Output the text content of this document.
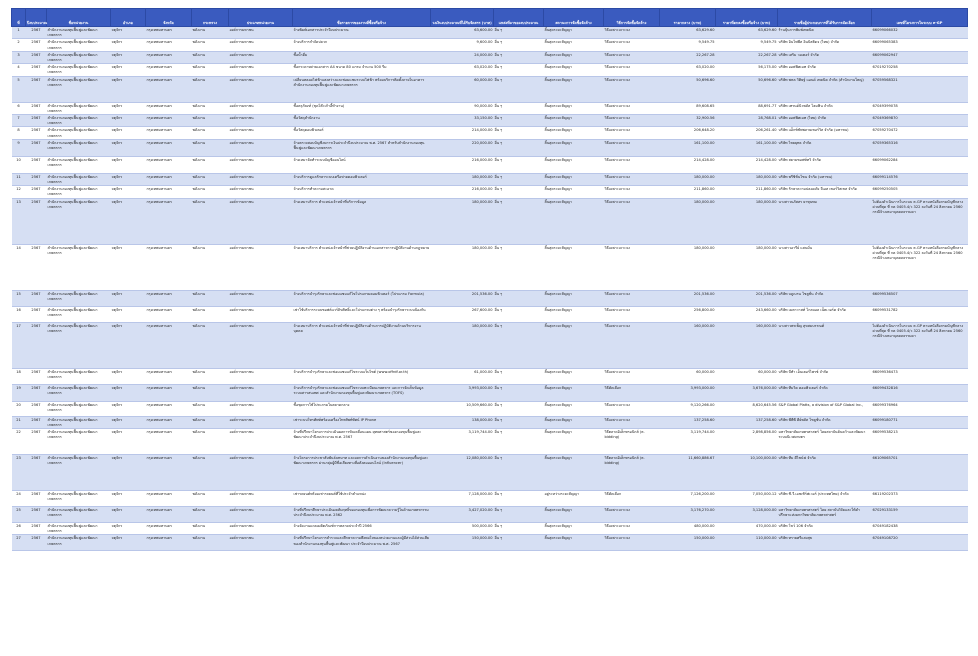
ที่	ปีงบประมาณ	ชื่อหน่วยงาน	อำเภอ	จังหวัด	กระทรวง	ประเภทหน่วยงาน	ชื่อรายการของงานที่ซื้อหรือจ้าง	วงเงินงบประมาณที่ได้รับจัดสรร (บาท)	แหล่งที่มาของงบประมาณ	สถานะการจัดซื้อจัดจ้าง	วิธีการจัดซื้อจัดจ้าง	ราคากลาง (บาท)	ราคาที่ตกลงซื้อหรือจ้าง (บาท)	รายชื่อผู้ประกอบการที่ได้รับการคัดเลือก	เลขที่โครงการในระบบ e-GP
1	2567	สำนักงานกองทุนฟื้นฟูและพัฒนาเกษตรกร	จตุจักร	กรุงเทพมหานคร	พลังงาน	องค์การมหาชน	จ้างพิมพ์เอกสารประจำปีงบประมาณ	63,600.00	อื่น ๆ	สิ้นสุดระยะสัญญา	วิธีเฉพาะเจาะจง	63,629.60	63,629.60	ร้านปุ้นการพิมพ์เทคนิค	66099066032
2	2567	สำนักงานกองทุนฟื้นฟูและพัฒนาเกษตรกร	จตุจักร	กรุงเทพมหานคร	พลังงาน	องค์การมหาชน	จ้างบริการกำจัดปลวก	9,600.00	อื่น ๆ	สิ้นสุดระยะสัญญา	วิธีเฉพาะเจาะจง	9,549.75	9,549.75	บริษัท อินโฟพีส อินบิสติดจ (ไทย) จำกัด	66099065383
3	2567	สำนักงานกองทุนฟื้นฟูและพัฒนาเกษตรกร	จตุจักร	กรุงเทพมหานคร	พลังงาน	องค์การมหาชน	ซื้อน้ำดื่ม	24,000.00	อื่น ๆ	สิ้นสุดระยะสัญญา	วิธีเฉพาะเจาะจง	22,267.28	22,267.28	บริษัท เสริม วอเตอร์ จำกัด	66099062947
4	2567	สำนักงานกองทุนฟื้นฟูและพัฒนาเกษตรกร	จตุจักร	กรุงเทพมหานคร	พลังงาน	องค์การมหาชน	ซื้อกระดาษถ่ายเอกสาร A4 ขนาด 80 แกรม จำนวน 500 รีม	63,020.00	อื่น ๆ	สิ้นสุดระยะสัญญา	วิธีเฉพาะเจาะจง	63,020.00	56,175.00	บริษัท ออฟฟิศเมท จำกัด	67019270258
5	2567	สำนักงานกองทุนฟื้นฟูและพัฒนาเกษตรกร	จตุจักร	กรุงเทพมหานคร	พลังงาน	องค์การมหาชน	เปลี่ยนหลอดไฟฟ้าแสงสว่างและซ่อมแซมระบบไฟฟ้า พร้อมบริการติดตั้งภายในอาคารสำนักงานกองทุนฟื้นฟูและพัฒนาเกษตรกร	60,000.00	อื่น ๆ	สิ้นสุดระยะสัญญา	วิธีเฉพาะเจาะจง	50,696.60	50,696.60	บริษัท พหล วิศิษฐ์ แอนด์ เทคนิค จำกัด (สำนักงานใหญ่)	67059568321
6	2567	สำนักงานกองทุนฟื้นฟูและพัฒนาเกษตรกร	จตุจักร	กรุงเทพมหานคร	พลังงาน	องค์การมหาชน	ซื้อครุภัณฑ์ (ชุดโต๊ะเก้าอี้ทำงาน)	90,000.00	อื่น ๆ	สิ้นสุดระยะสัญญา	วิธีเฉพาะเจาะจง	89,608.65	88,691.77	บริษัท เทรนด์นิวพลัส โฮมฟิน จำกัด	67049399078
7	2567	สำนักงานกองทุนฟื้นฟูและพัฒนาเกษตรกร	จตุจักร	กรุงเทพมหานคร	พลังงาน	องค์การมหาชน	ซื้อวัสดุสำนักงาน	33,150.00	อื่น ๆ	สิ้นสุดระยะสัญญา	วิธีเฉพาะเจาะจง	32,900.56	28,768.01	บริษัท ออฟฟิศเมท (ไทย) จำกัด	67049369870
8	2567	สำนักงานกองทุนฟื้นฟูและพัฒนาเกษตรกร	จตุจักร	กรุงเทพมหานคร	พลังงาน	องค์การมหาชน	ซื้อวัสดุคอมพิวเตอร์	214,000.00	อื่น ๆ	สิ้นสุดระยะสัญญา	วิธีเฉพาะเจาะจง	206,648.20	206,261.40	บริษัท แอ็กซ์ซัพพลายเซอร์วิส จำกัด (มหาชน)	67059270472
9	2567	สำนักงานกองทุนฟื้นฟูและพัฒนาเกษตรกร	จตุจักร	กรุงเทพมหานคร	พลังงาน	องค์การมหาชน	จ้างตรวจสอบบัญชีงบการเงินประจำปีงบประมาณ พ.ศ. 2567 สำหรับสำนักงานกองทุนฟื้นฟูและพัฒนาเกษตรกร	220,000.00	อื่น ๆ	สิ้นสุดระยะสัญญา	วิธีเฉพาะเจาะจง	161,100.00	161,100.00	บริษัท ไชยยุทธ จำกัด	67059365316
10	2567	สำนักงานกองทุนฟื้นฟูและพัฒนาเกษตรกร	จตุจักร	กรุงเทพมหานคร	พลังงาน	องค์การมหาชน	จ้างเหมาจัดทำระบบบัญชีออนไลน์	216,000.00	อื่น ๆ	สิ้นสุดระยะสัญญา	วิธีเฉพาะเจาะจง	214,428.00	214,428.00	บริษัท สยามซอฟท์ทวิ จำกัด	66099062284
11	2567	สำนักงานกองทุนฟื้นฟูและพัฒนาเกษตรกร	จตุจักร	กรุงเทพมหานคร	พลังงาน	องค์การมหาชน	จ้างบริการดูแลรักษาระบบเครือข่ายคอมพิวเตอร์	180,000.00	อื่น ๆ	สิ้นสุดระยะสัญญา	วิธีเฉพาะเจาะจง	180,000.00	180,000.00	บริษัท พรีซิชั่นโซน จำกัด (มหาชน)	66099114576
12	2567	สำนักงานกองทุนฟื้นฟูและพัฒนาเกษตรกร	จตุจักร	กรุงเทพมหานคร	พลังงาน	องค์การมหาชน	จ้างบริการทำความสะอาด	216,000.00	อื่น ๆ	สิ้นสุดระยะสัญญา	วิธีเฉพาะเจาะจง	211,860.00	211,860.00	บริษัท รักษาความปลอดภัย จีเอส เซอร์วิสเซส จำกัด	66099250505
13	2567	สำนักงานกองทุนฟื้นฟูและพัฒนาเกษตรกร	จตุจักร	กรุงเทพมหานคร	พลังงาน	องค์การมหาชน	จ้างเหมาบริการ ตำแหน่งเจ้าหน้าที่บริการข้อมูล	180,000.00	อื่น ๆ	สิ้นสุดระยะสัญญา	วิธีเฉพาะเจาะจง	180,000.00	180,000.00	นางสาวนภัสสร ยาทุนทม	ไม่ต้องดำเนินการในระบบ e-GP ตามหนังสือกรมบัญชีกลาง ด่วนที่สุด ที่ กค 0405.4/ว 322 ลงวันที่ 24 สิงหาคม 2560 กรณีจ้างเหมาบุคคลธรรมดา
14	2567	สำนักงานกองทุนฟื้นฟูและพัฒนาเกษตรกร	จตุจักร	กรุงเทพมหานคร	พลังงาน	องค์การมหาชน	จ้างเหมาบริการ ตำแหน่งเจ้าหน้าที่ช่วยปฏิบัติงานด้านเอกสารการปฏิบัติงานด้านกฎหมาย	180,000.00	อื่น ๆ	สิ้นสุดระยะสัญญา	วิธีเฉพาะเจาะจง	180,000.00	180,000.00	นางสาวอารีย์ แสนมั่น	ไม่ต้องดำเนินการในระบบ e-GP ตามหนังสือกรมบัญชีกลาง ด่วนที่สุด ที่ กค 0405.4/ว 322 ลงวันที่ 24 สิงหาคม 2560 กรณีจ้างเหมาบุคคลธรรมดา
15	2567	สำนักงานกองทุนฟื้นฟูและพัฒนาเกษตรกร	จตุจักร	กรุงเทพมหานคร	พลังงาน	องค์การมหาชน	จ้างบริการบำรุงรักษาและซ่อมแซมแก้ไขโปรแกรมคอมพิวเตอร์ (โปรแกรม Formula)	201,536.00	อื่น ๆ	สิ้นสุดระยะสัญญา	วิธีเฉพาะเจาะจง	201,536.00	201,536.00	บริษัท บลูเบรน โซลูชั่น จำกัด	66099536507
16	2567	สำนักงานกองทุนฟื้นฟูและพัฒนาเกษตรกร	จตุจักร	กรุงเทพมหานคร	พลังงาน	องค์การมหาชน	เช่าใช้บริการระบบซอฟต์แวร์ลิขสิทธิ์และโปรแกรมต่าง ๆ พร้อมบำรุงรักษาระบบป้องกัน	267,600.00	อื่น ๆ	สิ้นสุดระยะสัญญา	วิธีเฉพาะเจาะจง	256,800.00	243,660.00	บริษัท เมตาวาสท์ โกลบอล เน็ตเวอร์ค จำกัด	66099531782
17	2567	สำนักงานกองทุนฟื้นฟูและพัฒนาเกษตรกร	จตุจักร	กรุงเทพมหานคร	พลังงาน	องค์การมหาชน	จ้างเหมาบริการ ตำแหน่งเจ้าหน้าที่ช่วยปฏิบัติงานด้านการปฏิบัติงานด้านบริหารงานบุคคล	180,000.00	อื่น ๆ	สิ้นสุดระยะสัญญา	วิธีเฉพาะเจาะจง	160,000.00	160,000.00	นางสาวพรเพ็ญ สุขสมบรรณศ์	ไม่ต้องดำเนินการในระบบ e-GP ตามหนังสือกรมบัญชีกลาง ด่วนที่สุด ที่ กค 0405.4/ว 322 ลงวันที่ 24 สิงหาคม 2560 กรณีจ้างเหมาบุคคลธรรมดา
18	2567	สำนักงานกองทุนฟื้นฟูและพัฒนาเกษตรกร	จตุจักร	กรุงเทพมหานคร	พลังงาน	องค์การมหาชน	จ้างบริการบำรุงรักษาและซ่อมแซมแก้ไขระบบเว็บไซต์ (www.offrdf.or.th)	61,000.00	อื่น ๆ	สิ้นสุดระยะสัญญา	วิธีเฉพาะเจาะจง	60,000.00	60,000.00	บริษัท บีทำ เอ็นเตอร์ไพรซ์ จำกัด	66099536473
19	2567	สำนักงานกองทุนฟื้นฟูและพัฒนาเกษตรกร	จตุจักร	กรุงเทพมหานคร	พลังงาน	องค์การมหาชน	จ้างบริการบำรุงรักษาและซ่อมแซมแก้ไขระบบทะเบียนเกษตรกร และการจัดเก็บข้อมูลระบบสารสนเทศ และสำนักงานกองทุนฟื้นฟูและพัฒนาเกษตรกร (TOFS)	3,993,000.00	อื่น ๆ	สิ้นสุดระยะสัญญา	วิธีคัดเลือก	3,993,000.00	3,676,000.00	บริษัท ทีมวิค คอมพิวเตอร์ จำกัด	66099432816
20	2567	สำนักงานกองทุนฟื้นฟูและพัฒนาเกษตรกร	จตุจักร	กรุงเทพมหานคร	พลังงาน	องค์การมหาชน	ซื้อชุดการใช้โปรแกรมในตลาดกลาง	10,509,660.00	อื่น ๆ	สิ้นสุดระยะสัญญา	วิธีเฉพาะเจาะจง	9,120,266.00	8,620,645.56	S&P Global Platts, a division of S&P Global Inc.,	66099376964
21	2567	สำนักงานกองทุนฟื้นฟูและพัฒนาเกษตรกร	จตุจักร	กรุงเทพมหานคร	พลังงาน	องค์การมหาชน	เช่าระบบโทรศัพท์พร้อมเครื่องโทรศัพท์ทัศน์ IP Phone	138,000.00	อื่น ๆ	สิ้นสุดระยะสัญญา	วิธีเฉพาะเจาะจง	137,258.60	137,258.60	บริษัท พีพีพี คีย์พลัส โซลูชั่น จำกัด	66099180771
22	2567	สำนักงานกองทุนฟื้นฟูและพัฒนาเกษตรกร	จตุจักร	กรุงเทพมหานคร	พลังงาน	องค์การมหาชน	จ้างที่ปรึกษาโครงการประเมินผลการขับเคลื่อนแผน ยุทธศาสตร์ของกองทุนฟื้นฟูและพัฒนาประจำปีงบประมาณ พ.ศ. 2567	3,119,744.00	อื่น ๆ	สิ้นสุดระยะสัญญา	วิธีตลาดอิเล็กทรอนิกส์ (e-bidding)	3,119,744.00	2,898,856.00	มหาวิทยาลัยเกษตรศาสตร์ โดยสถาบันค้นคว้าและพัฒนาระบบนิเวศเกษตร	66099538213
23	2567	สำนักงานกองทุนฟื้นฟูและพัฒนาเกษตรกร	จตุจักร	กรุงเทพมหานคร	พลังงาน	องค์การมหาชน	จ้างโครงการประชาสัมพันธ์บทบาท และผลการดำเนินงานของสำนักงานกองทุนฟื้นฟูและพัฒนาเกษตรกร ผ่านกลุ่มผู้มีชื่อเสียงทางสื่อสังคมออนไลน์ (Influencer)	12,080,000.00	อื่น ๆ	สิ้นสุดระยะสัญญา	วิธีตลาดอิเล็กทรอนิกส์ (e-bidding)	11,660,886.67	10,100,000.00	บริษัท ทีม ดีไซน์ฟ จำกัด	66109065701
24	2567	สำนักงานกองทุนฟื้นฟูและพัฒนาเกษตรกร	จตุจักร	กรุงเทพมหานคร	พลังงาน	องค์การมหาชน	เช่ารถยนต์พร้อมเช่ารถยนต์ที่ใช้ประจำตำแหน่ง	7,128,000.00	อื่น ๆ	อยู่ระหว่างระยะสัญญา	วิธีคัดเลือก	7,126,200.00	7,050,000.12	บริษัท ซี.วี.เอชเซิร์ฟเวอร์ (ประเทศไทย) จำกัด	66119202373
25	2567	สำนักงานกองทุนฟื้นฟูและพัฒนาเกษตรกร	จตุจักร	กรุงเทพมหานคร	พลังงาน	องค์การมหาชน	จ้างที่ปรึกษาศึกษาประเมินผลสัมฤทธิ์ของกองทุนเพื่อการพัฒนาความรู้ในด้านเกษตรกรรม ประจำปีงบประมาณ พ.ศ. 2562	3,427,020.00	อื่น ๆ	สิ้นสุดระยะสัญญา	วิธีเฉพาะเจาะจง	3,176,270.00	3,128,000.00	มหาวิทยาลัยเกษตรศาสตร์ โดย สถาบันวิจัยและให้คำปรึกษาแห่งมหาวิทยาลัยเกษตรศาสตร์	67029133159
26	2567	สำนักงานกองทุนฟื้นฟูและพัฒนาเกษตรกร	จตุจักร	กรุงเทพมหานคร	พลังงาน	องค์การมหาชน	จ้างจัดงานแถลงผลิตภัณฑ์การตลาดประจำปี 2566	500,000.00	อื่น ๆ	สิ้นสุดระยะสัญญา	วิธีเฉพาะเจาะจง	480,000.00	470,000.00	บริษัท โชว์ 106 จำกัด	67049182438
27	2567	สำนักงานกองทุนฟื้นฟูและพัฒนาเกษตรกร	จตุจักร	กรุงเทพมหานคร	พลังงาน	องค์การมหาชน	จ้างที่ปรึกษาโครงการสำรวจและศึกษาความพึงพอใจของหน่วยงานและผู้มีส่วนได้ส่วนเสียของสำนักงานกองทุนฟื้นฟูและพัฒนา ประจำปีงบประมาณ พ.ศ. 2567	150,000.00	อื่น ๆ	สิ้นสุดระยะสัญญา	วิธีเฉพาะเจาะจง	150,000.00	110,000.00	บริษัท ทรายศรีแสงสุข	67049108720
